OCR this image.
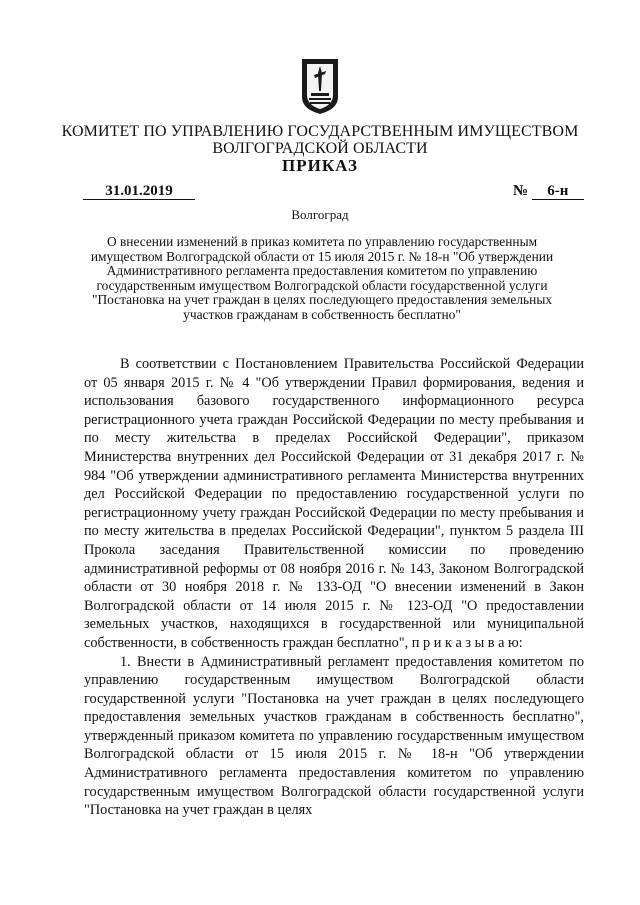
КОМИТЕТ ПО УПРАВЛЕНИЮ ГОСУДАРСТВЕННЫМ ИМУЩЕСТВОМ
ВОЛГОГРАДСКОЙ ОБЛАСТИ
ПРИКАЗ
31.01.2019	№ 6-н
Волгоград
О внесении изменений в приказ комитета по управлению государственным имуществом Волгоградской области от 15 июля 2015 г. № 18-н "Об утверждении Административного регламента предоставления комитетом по управлению государственным имуществом Волгоградской области государственной услуги "Постановка на учет граждан в целях последующего предоставления земельных участков гражданам в собственность бесплатно"

В соответствии с Постановлением Правительства Российской Федерации от 05 января 2015 г. № 4 "Об утверждении Правил формирования, ведения и использования базового государственного информационного ресурса регистрационного учета граждан Российской Федерации по месту пребывания и по месту жительства в пределах Российской Федерации", приказом Министерства внутренних дел Российской Федерации от 31 декабря 2017 г. № 984 "Об утверждении административного регламента Министерства внутренних дел Российской Федерации по предоставлению государственной услуги по регистрационному учету граждан Российской Федерации по месту пребывания и по месту жительства в пределах Российской Федерации", пунктом 5 раздела III Прокола заседания Правительственной комиссии по проведению административной реформы от 08 ноября 2016 г. № 143, Законом Волгоградской области от 30 ноября 2018 г. № 133-ОД "О внесении изменений в Закон Волгоградской области от 14 июля 2015 г. № 123-ОД "О предоставлении земельных участков, находящихся в государственной или муниципальной собственности, в собственность граждан бесплатно", п р и к а з ы в а ю:

1. Внести в Административный регламент предоставления комитетом по управлению государственным имуществом Волгоградской области государственной услуги "Постановка на учет граждан в целях последующего предоставления земельных участков гражданам в собственность бесплатно", утвержденный приказом комитета по управлению государственным имуществом Волгоградской области от 15 июля 2015 г. № 18-н "Об утверждении Административного регламента предоставления комитетом по управлению государственным имуществом Волгоградской области государственной услуги "Постановка на учет граждан в целях
